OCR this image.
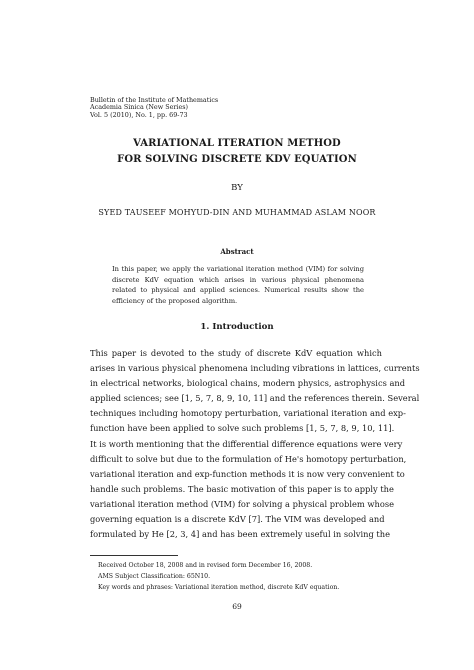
Bulletin of the Institute of Mathematics
Academia Sinica (New Series)
Vol. 5 (2010), No. 1, pp. 69-73
VARIATIONAL ITERATION METHOD
FOR SOLVING DISCRETE KDV EQUATION
BY
SYED TAUSEEF MOHYUD-DIN AND MUHAMMAD ASLAM NOOR
Abstract
In this paper, we apply the variational iteration method (VIM) for solving discrete KdV equation which arises in various physical phenomena related to physical and applied sciences. Numerical results show the efficiency of the proposed algorithm.
1. Introduction
This paper is devoted to the study of discrete KdV equation which
arises in various physical phenomena including vibrations in lattices, currents
in electrical networks, biological chains, modern physics, astrophysics and
applied sciences; see [1, 5, 7, 8, 9, 10, 11] and the references therein. Several
techniques including homotopy perturbation, variational iteration and exp-
function have been applied to solve such problems [1, 5, 7, 8, 9, 10, 11].
It is worth mentioning that the differential difference equations were very
difficult to solve but due to the formulation of He's homotopy perturbation,
variational iteration and exp-function methods it is now very convenient to
handle such problems. The basic motivation of this paper is to apply the
variational iteration method (VIM) for solving a physical problem whose
governing equation is a discrete KdV [7]. The VIM was developed and
formulated by He [2, 3, 4] and has been extremely useful in solving the
Received October 18, 2008 and in revised form December 16, 2008.
AMS Subject Classification: 65N10.
Key words and phrases: Variational iteration method, discrete KdV equation.
69
